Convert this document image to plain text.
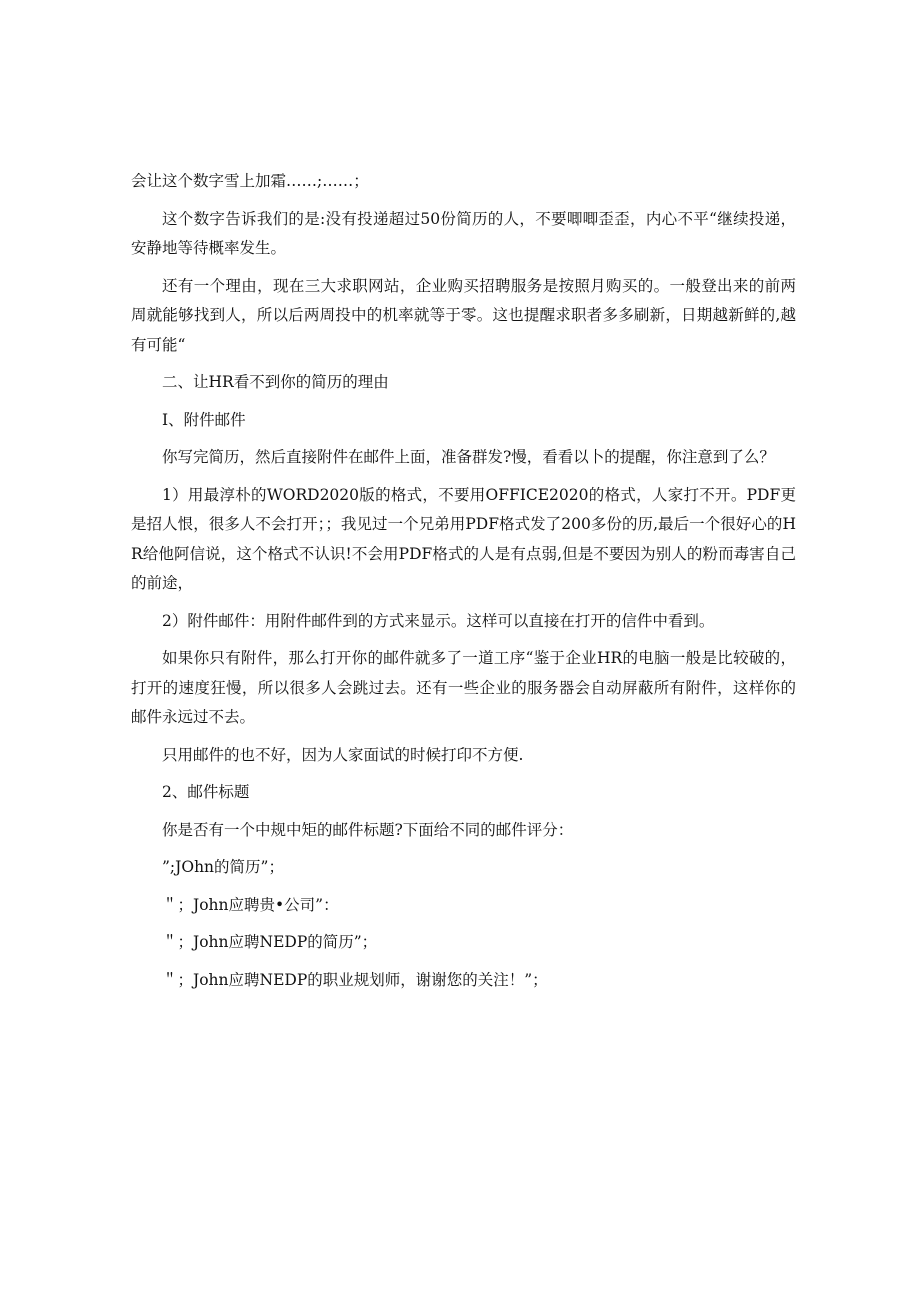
会让这个数字雪上加霜……;……；

这个数字告诉我们的是:没有投递超过50份简历的人，不要唧唧歪歪，内心不平“继续投递，安静地等待概率发生。

还有一个理由，现在三大求职网站，企业购买招聘服务是按照月购买的。一般登出来的前两周就能够找到人，所以后两周投中的机率就等于零。这也提醒求职者多多刷新，日期越新鲜的,越有可能“

二、让HR看不到你的简历的理由

I、附件邮件

你写完简历，然后直接附件在邮件上面，准备群发?慢，看看以卜的提醒，你注意到了么？

1）用最淳朴的WORD2020版的格式，不要用OFFICE2020的格式，人家打不开。PDF更是招人恨，很多人不会打开；；我见过一个兄弟用PDF格式发了200多份的历,最后一个很好心的HR给他阿信说，这个格式不认识!不会用PDF格式的人是有点弱,但是不要因为别人的粉而毒害自己的前途，

2）附件邮件：用附件邮件到的方式来显示。这样可以直接在打开的信件中看到。

如果你只有附件，那么打开你的邮件就多了一道工序“鉴于企业HR的电脑一般是比较破的，打开的速度狂慢，所以很多人会跳过去。还有一些企业的服务器会自动屏蔽所有附件，这样你的邮件永远过不去。

只用邮件的也不好，因为人家面试的时候打印不方便.

2、邮件标题

你是否有一个中规中矩的邮件标题?下面给不同的邮件评分：

”;JOhn的简历”；

＂；John应聘贵•公司”：

＂；John应聘NEDP的简历”；

＂；John应聘NEDP的职业规划师，谢谢您的关注！”；
